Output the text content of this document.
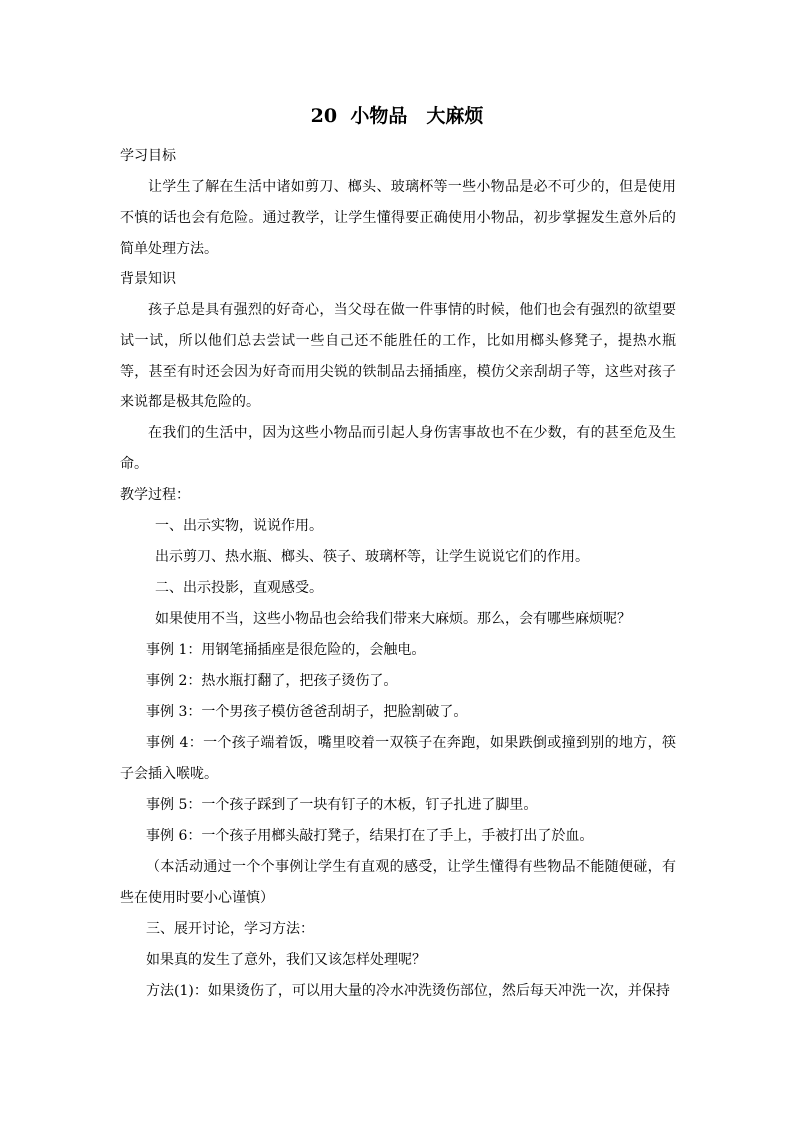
20  小物品　大麻烦

学习目标

让学生了解在生活中诸如剪刀、榔头、玻璃杯等一些小物品是必不可少的，但是使用不慎的话也会有危险。通过教学，让学生懂得要正确使用小物品，初步掌握发生意外后的简单处理方法。

背景知识

孩子总是具有强烈的好奇心，当父母在做一件事情的时候，他们也会有强烈的欲望要试一试，所以他们总去尝试一些自己还不能胜任的工作，比如用榔头修凳子，提热水瓶等，甚至有时还会因为好奇而用尖锐的铁制品去捅插座，模仿父亲刮胡子等，这些对孩子来说都是极其危险的。

在我们的生活中，因为这些小物品而引起人身伤害事故也不在少数，有的甚至危及生命。

教学过程：

一、出示实物，说说作用。

出示剪刀、热水瓶、榔头、筷子、玻璃杯等，让学生说说它们的作用。

二、出示投影，直观感受。

如果使用不当，这些小物品也会给我们带来大麻烦。那么，会有哪些麻烦呢？

事例 1：用钢笔捅插座是很危险的，会触电。

事例 2：热水瓶打翻了，把孩子烫伤了。

事例 3：一个男孩子模仿爸爸刮胡子，把脸割破了。

事例 4：一个孩子端着饭，嘴里咬着一双筷子在奔跑，如果跌倒或撞到别的地方，筷子会插入喉咙。

事例 5：一个孩子踩到了一块有钉子的木板，钉子扎进了脚里。

事例 6：一个孩子用榔头敲打凳子，结果打在了手上，手被打出了於血。

（本活动通过一个个事例让学生有直观的感受，让学生懂得有些物品不能随便碰，有些在使用时要小心谨慎）

三、展开讨论，学习方法：

如果真的发生了意外，我们又该怎样处理呢？

方法(1)：如果烫伤了，可以用大量的冷水冲洗烫伤部位，然后每天冲洗一次，并保持
